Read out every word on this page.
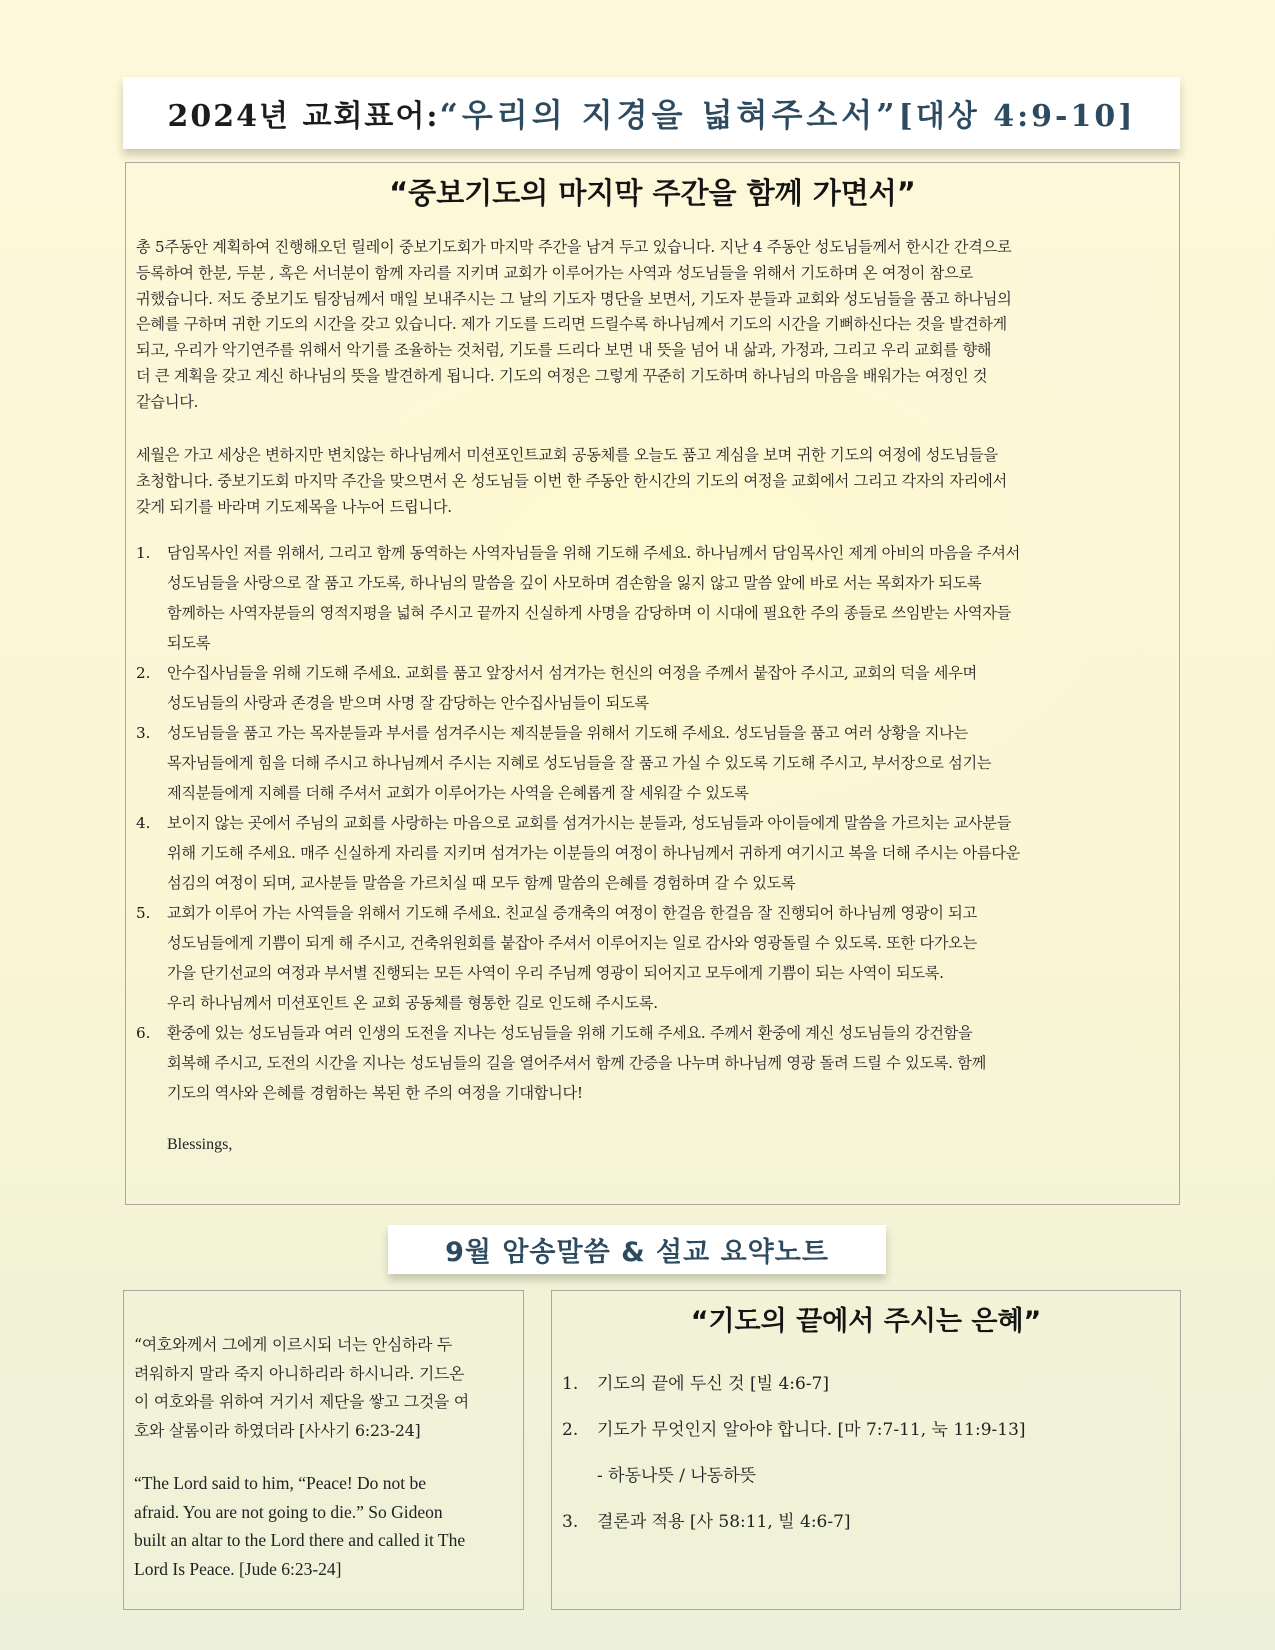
2024년 교회표어: “우리의 지경을 넓혀주소서” [대상 4:9-10]
“중보기도의 마지막 주간을 함께 가면서”
총 5주동안 계획하여 진행해오던 릴레이 중보기도회가 마지막 주간을 남겨 두고 있습니다. 지난 4 주동안 성도님들께서 한시간 간격으로
등록하여 한분, 두분 , 혹은 서너분이 함께 자리를 지키며 교회가 이루어가는 사역과 성도님들을 위해서 기도하며 온 여정이 참으로
귀했습니다. 저도 중보기도 팀장님께서 매일 보내주시는 그 날의 기도자 명단을 보면서, 기도자 분들과 교회와 성도님들을 품고 하나님의
은혜를 구하며 귀한 기도의 시간을 갖고 있습니다. 제가 기도를 드리면 드릴수록 하나님께서 기도의 시간을 기뻐하신다는 것을 발견하게
되고, 우리가 악기연주를 위해서 악기를 조율하는 것처럼, 기도를 드리다 보면 내 뜻을 넘어 내 삶과, 가정과, 그리고 우리 교회를 향해
더 큰 계획을 갖고 계신 하나님의 뜻을 발견하게 됩니다. 기도의 여정은 그렇게 꾸준히 기도하며 하나님의 마음을 배워가는 여정인 것
같습니다.
세월은 가고 세상은 변하지만 변치않는 하나님께서 미션포인트교회 공동체를 오늘도 품고 계심을 보며 귀한 기도의 여정에 성도님들을
초청합니다. 중보기도회 마지막 주간을 맞으면서 온 성도님들 이번 한 주동안 한시간의 기도의 여정을 교회에서 그리고 각자의 자리에서
갖게 되기를 바라며 기도제목을 나누어 드립니다.
1. 담임목사인 저를 위해서, 그리고 함께 동역하는 사역자님들을 위해 기도해 주세요. 하나님께서 담임목사인 제게 아비의 마음을 주셔서
성도님들을 사랑으로 잘 품고 가도록, 하나님의 말씀을 깊이 사모하며 겸손함을 잃지 않고 말씀 앞에 바로 서는 목회자가 되도록
함께하는 사역자분들의 영적지평을 넓혀 주시고 끝까지 신실하게 사명을 감당하며 이 시대에 필요한 주의 종들로 쓰임받는 사역자들
되도록
2. 안수집사님들을 위해 기도해 주세요. 교회를 품고 앞장서서 섬겨가는 헌신의 여정을 주께서 붙잡아 주시고, 교회의 덕을 세우며
성도님들의 사랑과 존경을 받으며 사명 잘 감당하는 안수집사님들이 되도록
3. 성도님들을 품고 가는 목자분들과 부서를 섬겨주시는 제직분들을 위해서 기도해 주세요. 성도님들을 품고 여러 상황을 지나는
목자님들에게 힘을 더해 주시고 하나님께서 주시는 지혜로 성도님들을 잘 품고 가실 수 있도록 기도해 주시고, 부서장으로 섬기는
제직분들에게 지혜를 더해 주셔서 교회가 이루어가는 사역을 은혜롭게 잘 세워갈 수 있도록
4. 보이지 않는 곳에서 주님의 교회를 사랑하는 마음으로 교회를 섬겨가시는 분들과, 성도님들과 아이들에게 말씀을 가르치는 교사분들
위해 기도해 주세요. 매주 신실하게 자리를 지키며 섬겨가는 이분들의 여정이 하나님께서 귀하게 여기시고 복을 더해 주시는 아름다운
섬김의 여정이 되며, 교사분들 말씀을 가르치실 때 모두 함께 말씀의 은혜를 경험하며 갈 수 있도록
5. 교회가 이루어 가는 사역들을 위해서 기도해 주세요. 친교실 증개축의 여정이 한걸음 한걸음 잘 진행되어 하나님께 영광이 되고
성도님들에게 기쁨이 되게 해 주시고, 건축위원회를 붙잡아 주셔서 이루어지는 일로 감사와 영광돌릴 수 있도록. 또한 다가오는
가을 단기선교의 여정과 부서별 진행되는 모든 사역이 우리 주님께 영광이 되어지고 모두에게 기쁨이 되는 사역이 되도록.
우리 하나님께서 미션포인트 온 교회 공동체를 형통한 길로 인도해 주시도록.
6. 환중에 있는 성도님들과 여러 인생의 도전을 지나는 성도님들을 위해 기도해 주세요. 주께서 환중에 계신 성도님들의 강건함을
회복해 주시고, 도전의 시간을 지나는 성도님들의 길을 열어주셔서 함께 간증을 나누며 하나님께 영광 돌려 드릴 수 있도록. 함께
기도의 역사와 은혜를 경험하는 복된 한 주의 여정을 기대합니다!
Blessings,
9월 암송말씀 & 설교 요약노트
“여호와께서 그에게 이르시되 너는 안심하라 두
려워하지 말라 죽지 아니하리라 하시니라. 기드온
이 여호와를 위하여 거기서 제단을 쌓고 그것을 여
호와 살롬이라 하였더라 [사사기 6:23-24]
“The Lord said to him, “Peace! Do not be
afraid. You are not going to die.” So Gideon
built an altar to the Lord there and called it The
Lord Is Peace. [Jude 6:23-24]
“기도의 끝에서 주시는 은혜”
1. 기도의 끝에 두신 것 [빌 4:6-7]
2. 기도가 무엇인지 알아야 합니다. [마 7:7-11, 눅 11:9-13]
- 하동나뜻 / 나동하뜻
3. 결론과 적용 [사 58:11, 빌 4:6-7]
